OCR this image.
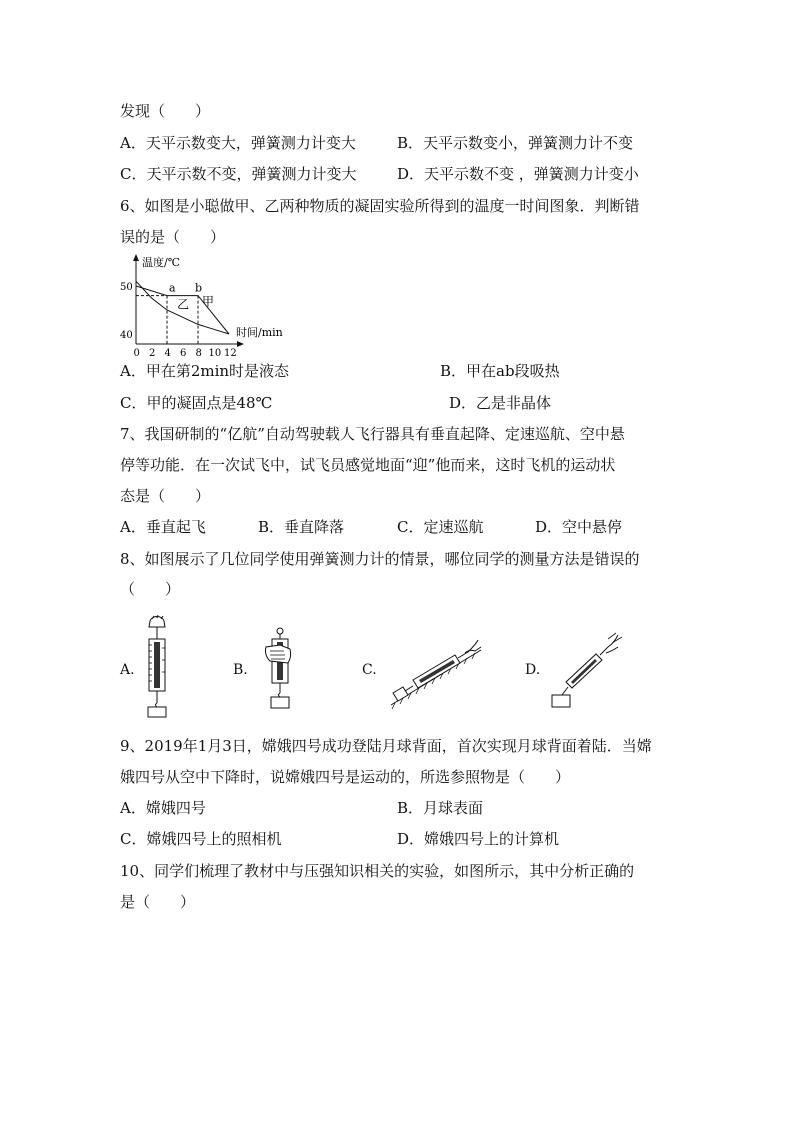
发现（　　）
A．天平示数变大，弹簧测力计变大	B．天平示数变小，弹簧测力计不变
C．天平示数不变，弹簧测力计变大	D．天平示数不变 ，弹簧测力计变小
6、如图是小聪做甲、乙两种物质的凝固实验所得到的温度一时间图象．判断错
误的是（　　）
温度/℃
时间/min
0 2 4 6 8 10 12
40
50	a b
甲
乙
A．甲在第2min时是液态	B．甲在ab段吸热
C．甲的凝固点是48℃	D．乙是非晶体
7、我国研制的“亿航”自动驾驶载人飞行器具有垂直起降、定速巡航、空中悬
停等功能．在一次试飞中，试飞员感觉地面“迎”他而来，这时飞机的运动状
态是（　　）
A．垂直起飞	B．垂直降落	C．定速巡航	D．空中悬停
8、如图展示了几位同学使用弹簧测力计的情景，哪位同学的测量方法是错误的
（　　）
A.	B.	C.	D.
9、2019年1月3日，嫦娥四号成功登陆月球背面，首次实现月球背面着陆．当嫦
娥四号从空中下降时，说嫦娥四号是运动的，所选参照物是（　　）
A．嫦娥四号	B．月球表面
C．嫦娥四号上的照相机	D．嫦娥四号上的计算机
10、同学们梳理了教材中与压强知识相关的实验，如图所示，其中分析正确的
是（　　）
